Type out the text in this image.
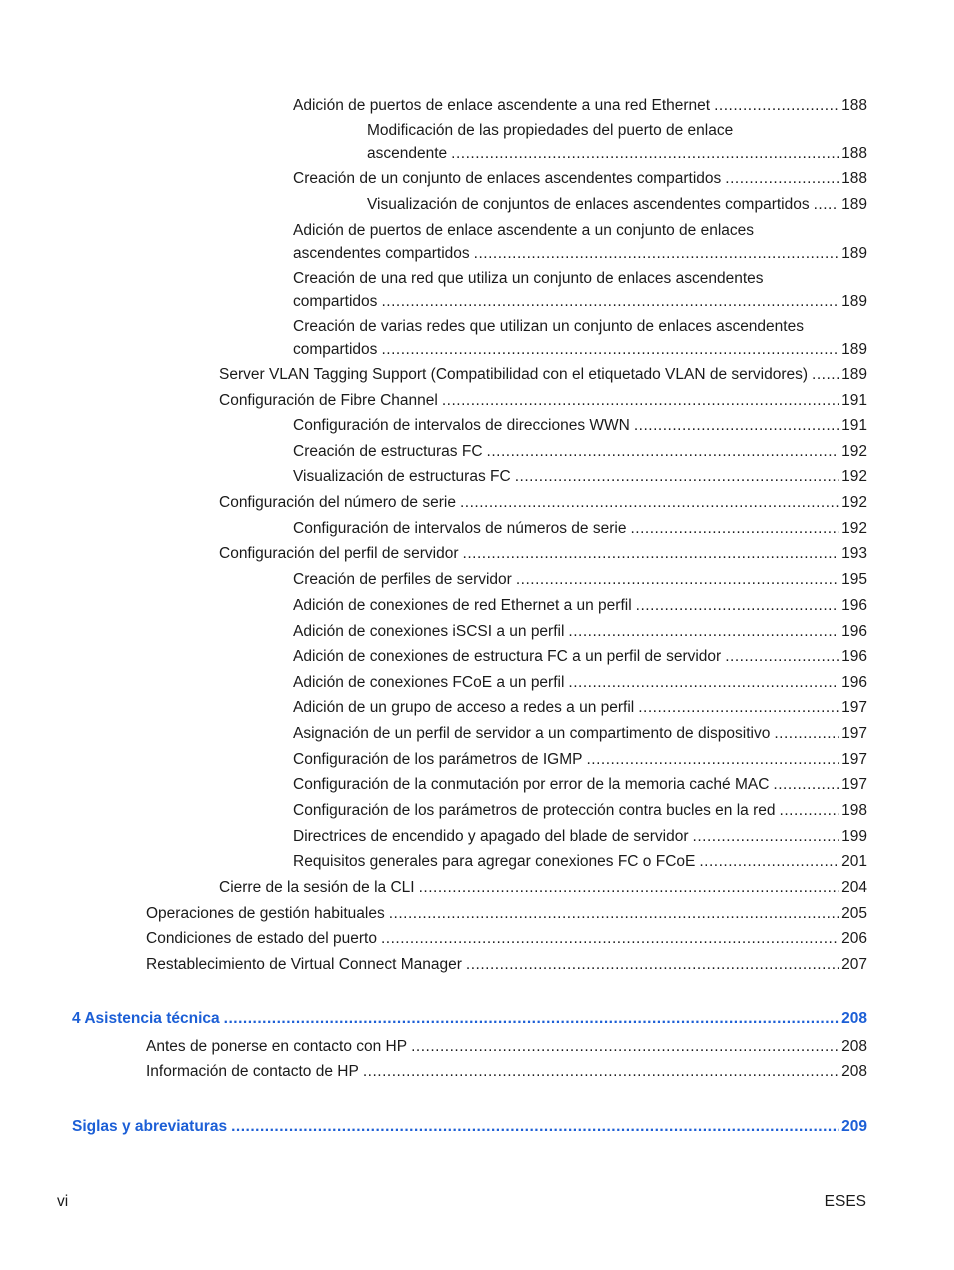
Adición de puertos de enlace ascendente a una red Ethernet . . .	188
Modificación de las propiedades del puerto de enlace
ascendente . . .	188
Creación de un conjunto de enlaces ascendentes compartidos . . .	188
Visualización de conjuntos de enlaces ascendentes compartidos . . . 189
Adición de puertos de enlace ascendente a un conjunto de enlaces
ascendentes compartidos . . .	189
Creación de una red que utiliza un conjunto de enlaces ascendentes
compartidos . . .	189
Creación de varias redes que utilizan un conjunto de enlaces ascendentes
compartidos . . .	189
Server VLAN Tagging Support (Compatibilidad con el etiquetado VLAN de servidores) . . . 189
Configuración de Fibre Channel . . .	191
Configuración de intervalos de direcciones WWN . . .	191
Creación de estructuras FC . . .	192
Visualización de estructuras FC . . .	192
Configuración del número de serie . . .	192
Configuración de intervalos de números de serie . . .	192
Configuración del perfil de servidor . . .	193
Creación de perfiles de servidor . . .	195
Adición de conexiones de red Ethernet a un perfil . . .	196
Adición de conexiones iSCSI a un perfil . . .	196
Adición de conexiones de estructura FC a un perfil de servidor . . .	196
Adición de conexiones FCoE a un perfil . . .	196
Adición de un grupo de acceso a redes a un perfil . . .	197
Asignación de un perfil de servidor a un compartimento de dispositivo . . .	197
Configuración de los parámetros de IGMP . . .	197
Configuración de la conmutación por error de la memoria caché MAC . . .	197
Configuración de los parámetros de protección contra bucles en la red . . .	198
Directrices de encendido y apagado del blade de servidor . . .	199
Requisitos generales para agregar conexiones FC o FCoE . . .	201
Cierre de la sesión de la CLI . . .	204
Operaciones de gestión habituales . . .	205
Condiciones de estado del puerto . . .	206
Restablecimiento de Virtual Connect Manager . . .	207
4 Asistencia técnica . . .	208
Antes de ponerse en contacto con HP . . .	208
Información de contacto de HP . . .	208
Siglas y abreviaturas . . .	209
vi	ESES
